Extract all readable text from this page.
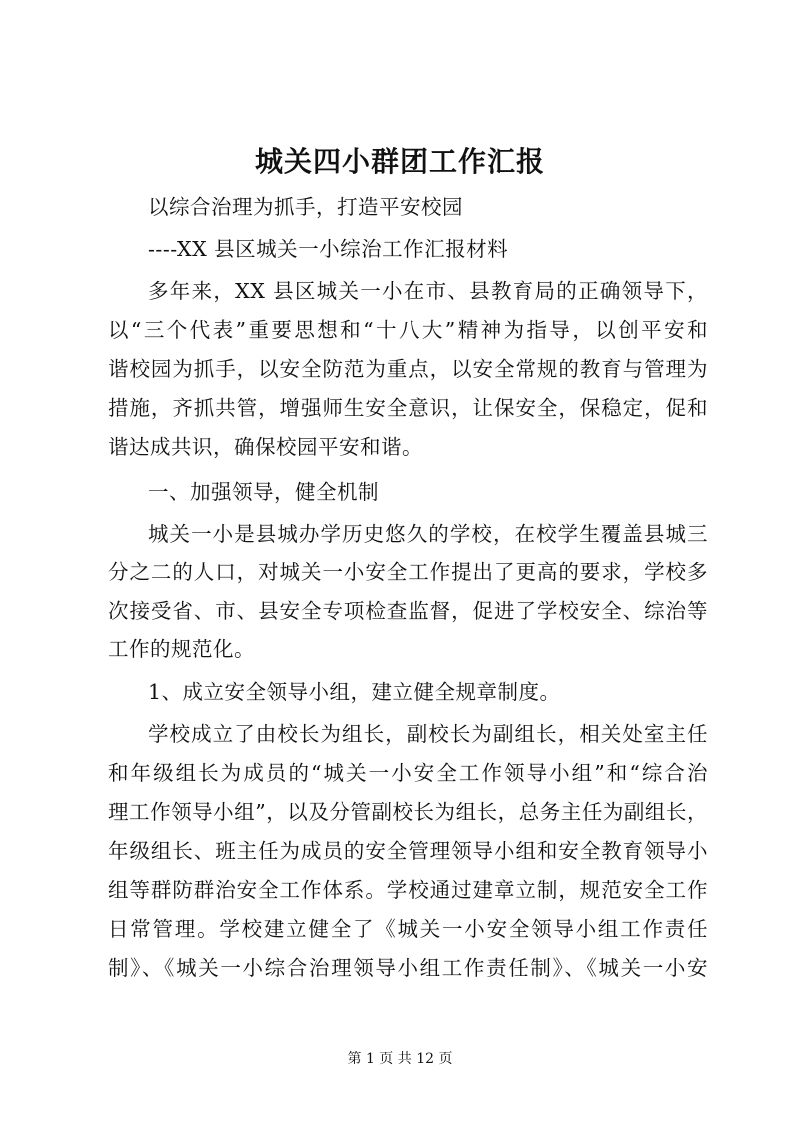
城关四小群团工作汇报
以综合治理为抓手，打造平安校园
----XX 县区城关一小综治工作汇报材料
多年来，XX 县区城关一小在市、县教育局的正确领导下，
以“三个代表”重要思想和“十八大”精神为指导，以创平安和
谐校园为抓手，以安全防范为重点，以安全常规的教育与管理为
措施，齐抓共管，增强师生安全意识，让保安全，保稳定，促和
谐达成共识，确保校园平安和谐。
一、加强领导，健全机制
城关一小是县城办学历史悠久的学校，在校学生覆盖县城三
分之二的人口，对城关一小安全工作提出了更高的要求，学校多
次接受省、市、县安全专项检查监督，促进了学校安全、综治等
工作的规范化。
1、成立安全领导小组，建立健全规章制度。
学校成立了由校长为组长，副校长为副组长，相关处室主任
和年级组长为成员的“城关一小安全工作领导小组”和“综合治
理工作领导小组”，以及分管副校长为组长，总务主任为副组长，
年级组长、班主任为成员的安全管理领导小组和安全教育领导小
组等群防群治安全工作体系。学校通过建章立制，规范安全工作
日常管理。学校建立健全了《城关一小安全领导小组工作责任
制》、《城关一小综合治理领导小组工作责任制》、《城关一小安
第 1 页 共 12 页
